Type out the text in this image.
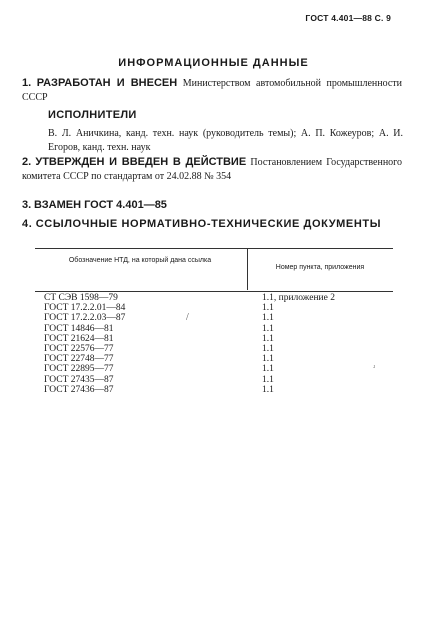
ГОСТ 4.401—88 С. 9
ИНФОРМАЦИОННЫЕ ДАННЫЕ
1. РАЗРАБОТАН И ВНЕСЕН Министерством автомобильной промышленности СССР
ИСПОЛНИТЕЛИ
В. Л. Аничкина, канд. техн. наук (руководитель темы); А. П. Кожеуров; А. И. Егоров, канд. техн. наук
2. УТВЕРЖДЕН И ВВЕДЕН В ДЕЙСТВИЕ Постановлением Государственного комитета СССР по стандартам от 24.02.88 № 354
3. ВЗАМЕН ГОСТ 4.401—85
4. ССЫЛОЧНЫЕ НОРМАТИВНО-ТЕХНИЧЕСКИЕ ДОКУМЕНТЫ
Обозначение НТД, на который дана ссылка
Номер пункта, приложения
СТ СЭВ 1598—79
ГОСТ 17.2.2.01—84
ГОСТ 17.2.2.03—87
ГОСТ 14846—81
ГОСТ 21624—81
ГОСТ 22576—77
ГОСТ 22748—77
ГОСТ 22895—77
ГОСТ 27435—87
ГОСТ 27436—87
1.1, приложение 2
1.1
1.1
1.1
1.1
1.1
1.1
1.1
1.1
1.1
/
ɹ
